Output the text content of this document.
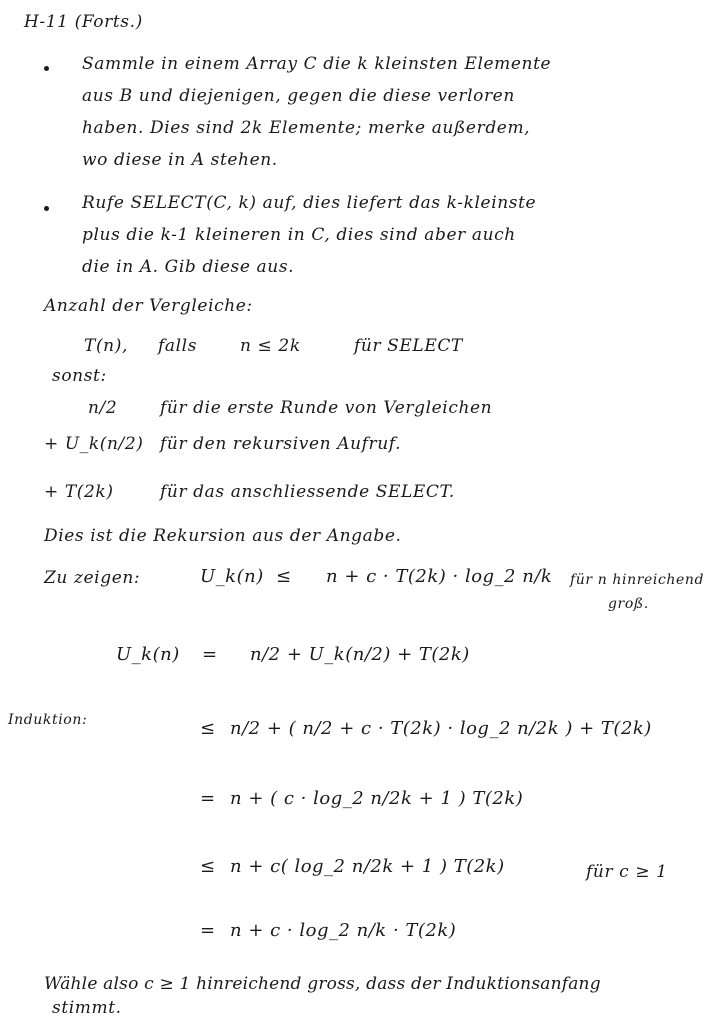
H-11 (Forts.)
Sammle in einem Array C die k kleinsten Elemente
aus B und diejenigen, gegen die diese verloren
haben. Dies sind 2k Elemente; merke außerdem,
wo diese in A stehen.
Rufe SELECT(C, k) auf, dies liefert das k-kleinste
plus die k-1 kleineren in C, dies sind aber auch
die in A. Gib diese aus.
Anzahl der Vergleiche:
T(n), falls	n ≤ 2k	für SELECT
sonst:
n/2	für die erste Runde von Vergleichen
+ U_k(n/2) für den rekursiven Aufruf.
+ T(2k)	für das anschliessende SELECT.
Dies ist die Rekursion aus der Angabe.
Zu zeigen:	U_k(n) ≤ n + c · T(2k) · log_2 n/k für n hinreichend
groß.
U_k(n) = n/2 + U_k(n/2) + T(2k)
Induktion:	≤ n/2 + ( n/2 + c · T(2k) · log_2 n/2k ) + T(2k)
= n + ( c · log_2 n/2k + 1 ) T(2k)
≤ n + c( log_2 n/2k + 1 ) T(2k)	für c ≥ 1
= n + c · log_2 n/k · T(2k)
Wähle also c ≥ 1 hinreichend gross, dass der Induktionsanfang
stimmt.
